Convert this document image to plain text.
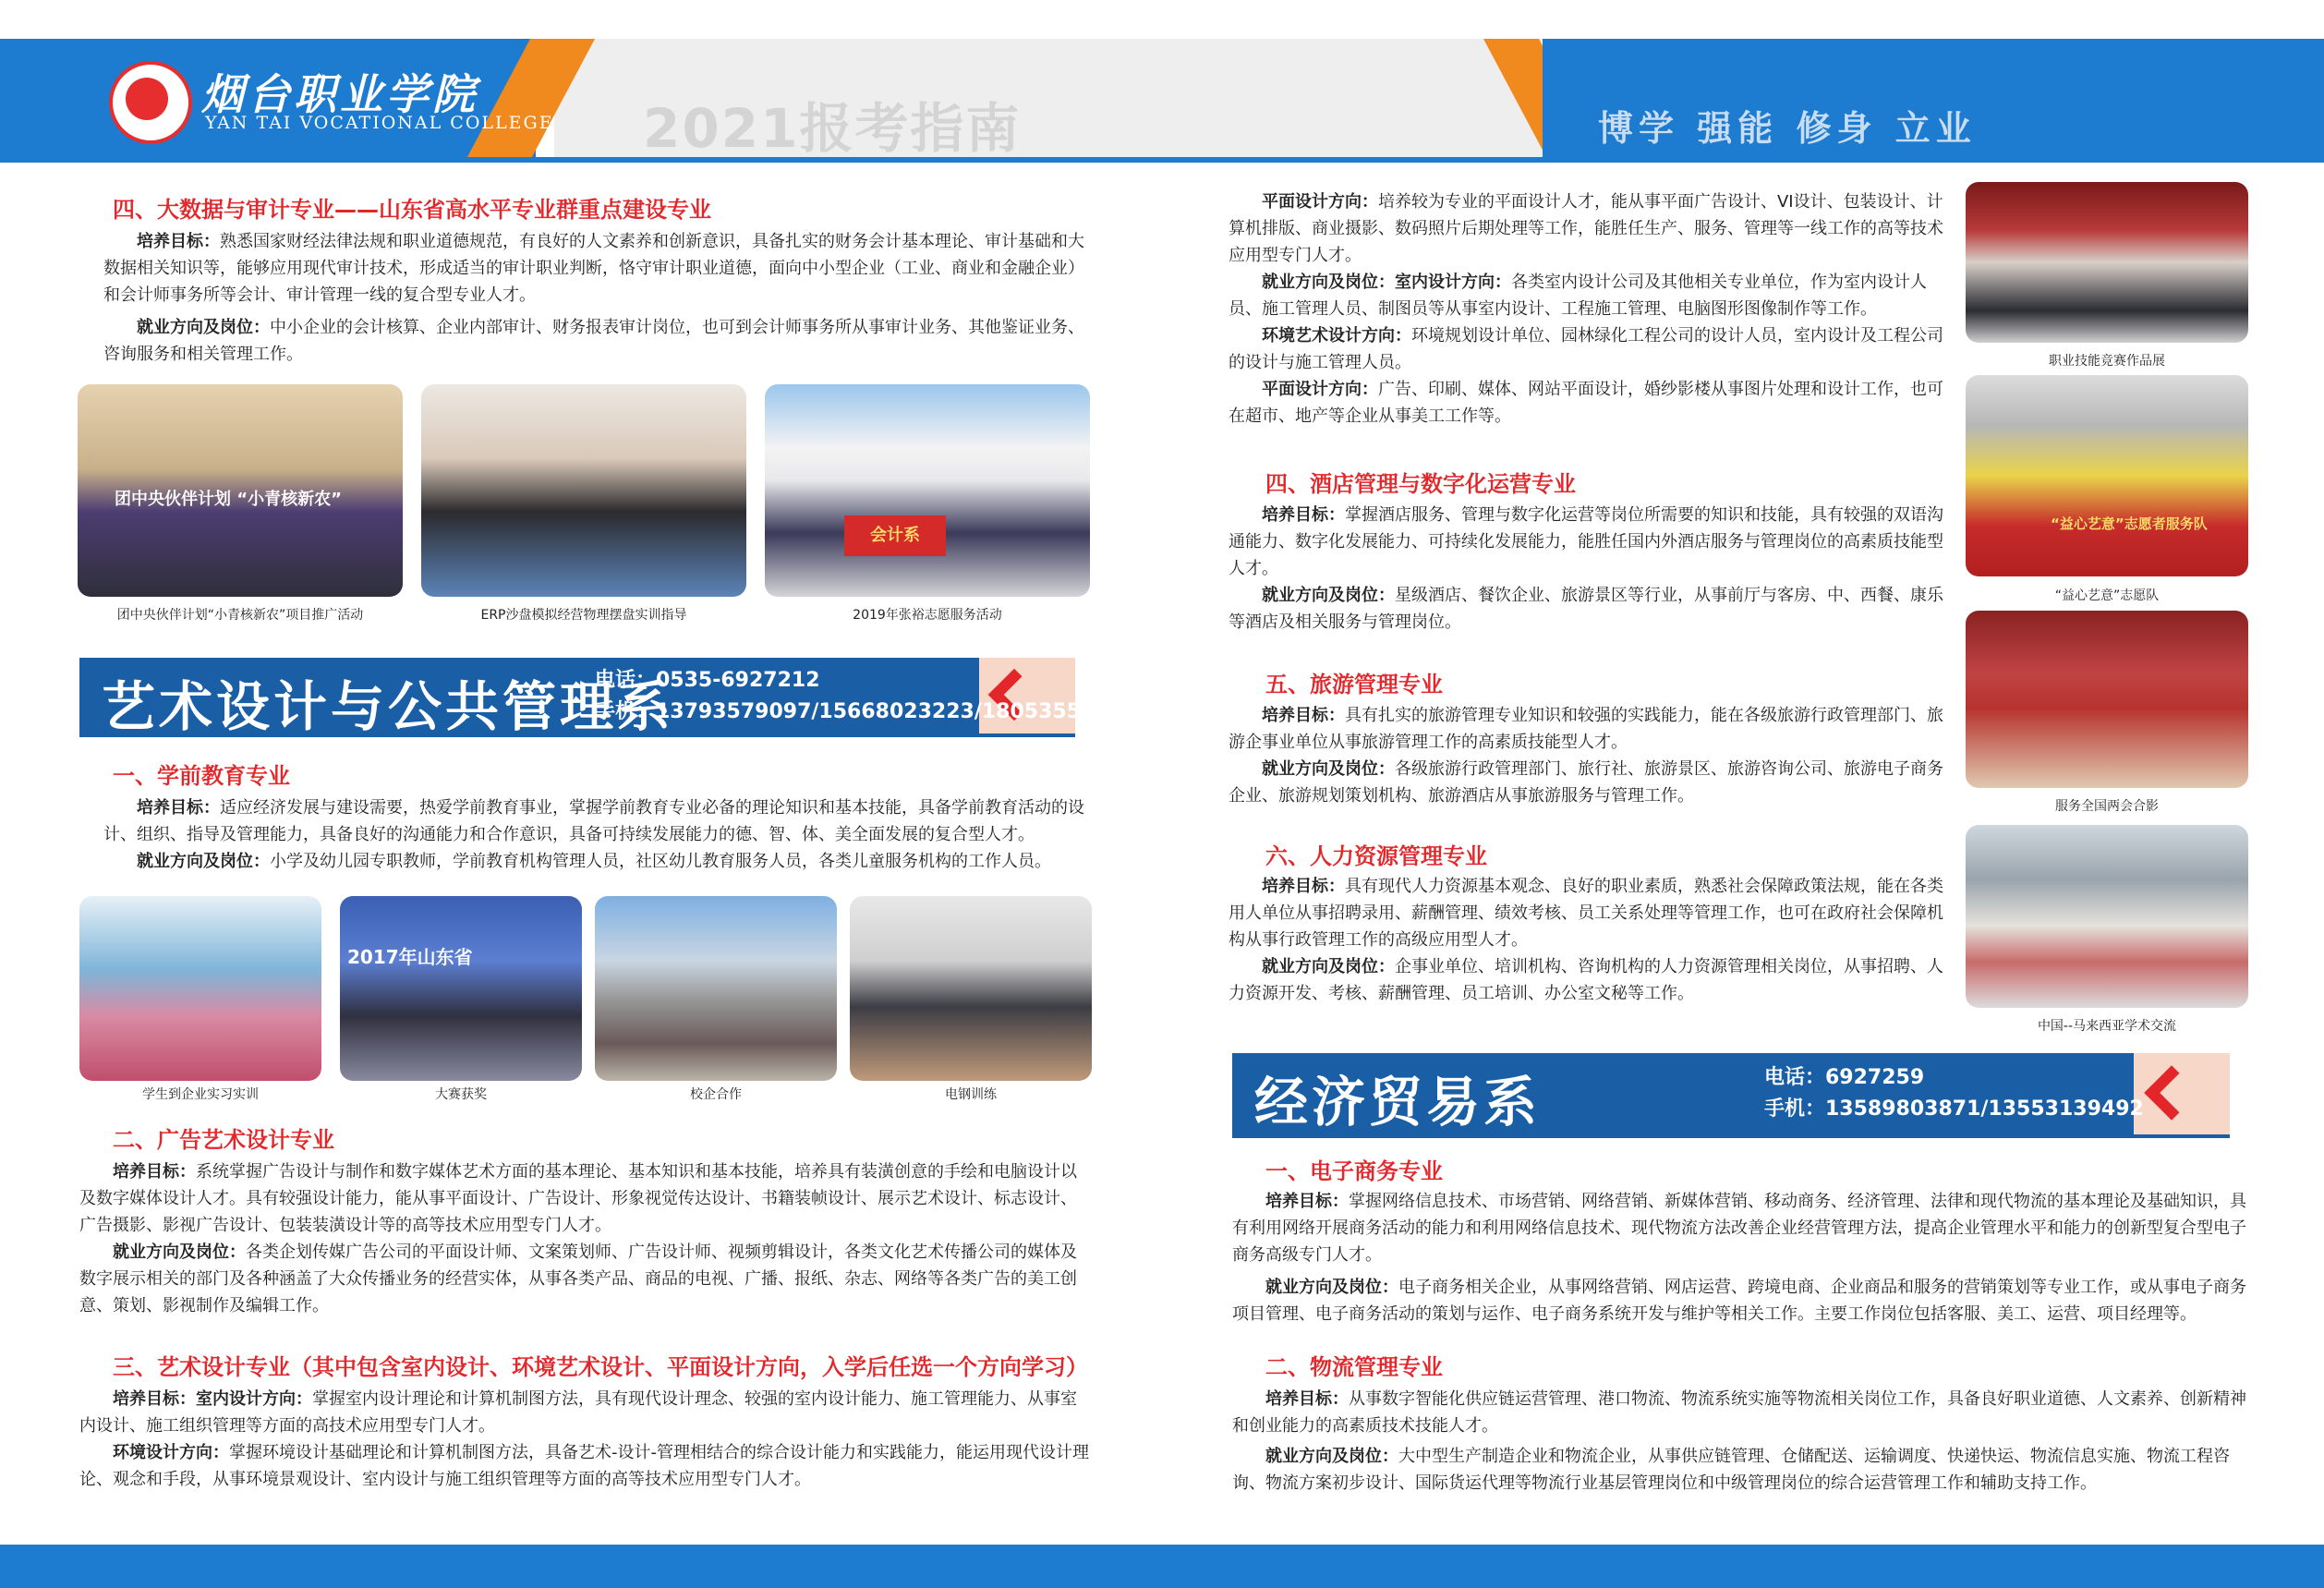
烟台职业学院
YAN TAI VOCATIONAL COLLEGE 2021报考指南	博学 强能 修身 立业
四、大数据与审计专业——山东省高水平专业群重点建设专业
培养目标：熟悉国家财经法律法规和职业道德规范，有良好的人文素养和创新意识，具备扎实的财务会计基本理论、审计基础和大数据相关知识等，能够应用现代审计技术，形成适当的审计职业判断，恪守审计职业道德，面向中小型企业（工业、商业和金融企业）和会计师事务所等会计、审计管理一线的复合型专业人才。
就业方向及岗位：中小企业的会计核算、企业内部审计、财务报表审计岗位，也可到会计师事务所从事审计业务、其他鉴证业务、咨询服务和相关管理工作。
团中央伙伴计划 “小青核新农”
团中央伙伴计划“小青核新农”项目推广活动	ERP沙盘模拟经营物理摆盘实训指导
会计系
2019年张裕志愿服务活动
艺术设计与公共管理系
电话：0535-6927212
手机：13793579097/15668023223/18053559767
一、学前教育专业
培养目标：适应经济发展与建设需要，热爱学前教育事业，掌握学前教育专业必备的理论知识和基本技能，具备学前教育活动的设计、组织、指导及管理能力，具备良好的沟通能力和合作意识，具备可持续发展能力的德、智、体、美全面发展的复合型人才。
就业方向及岗位：小学及幼儿园专职教师，学前教育机构管理人员，社区幼儿教育服务人员，各类儿童服务机构的工作人员。
学生到企业实习实训
2017年山东省
大赛获奖	校企合作	电钢训练
二、广告艺术设计专业
培养目标：系统掌握广告设计与制作和数字媒体艺术方面的基本理论、基本知识和基本技能，培养具有装潢创意的手绘和电脑设计以及数字媒体设计人才。具有较强设计能力，能从事平面设计、广告设计、形象视觉传达设计、书籍装帧设计、展示艺术设计、标志设计、广告摄影、影视广告设计、包装装潢设计等的高等技术应用型专门人才。
就业方向及岗位：各类企划传媒广告公司的平面设计师、文案策划师、广告设计师、视频剪辑设计，各类文化艺术传播公司的媒体及数字展示相关的部门及各种涵盖了大众传播业务的经营实体，从事各类产品、商品的电视、广播、报纸、杂志、网络等各类广告的美工创意、策划、影视制作及编辑工作。
三、艺术设计专业（其中包含室内设计、环境艺术设计、平面设计方向，入学后任选一个方向学习）
培养目标：室内设计方向：掌握室内设计理论和计算机制图方法，具有现代设计理念、较强的室内设计能力、施工管理能力、从事室内设计、施工组织管理等方面的高技术应用型专门人才。
环境设计方向：掌握环境设计基础理论和计算机制图方法，具备艺术-设计-管理相结合的综合设计能力和实践能力，能运用现代设计理论、观念和手段，从事环境景观设计、室内设计与施工组织管理等方面的高等技术应用型专门人才。
平面设计方向：培养较为专业的平面设计人才，能从事平面广告设计、VI设计、包装设计、计算机排版、商业摄影、数码照片后期处理等工作，能胜任生产、服务、管理等一线工作的高等技术应用型专门人才。
就业方向及岗位：室内设计方向：各类室内设计公司及其他相关专业单位，作为室内设计人员、施工管理人员、制图员等从事室内设计、工程施工管理、电脑图形图像制作等工作。
环境艺术设计方向：环境规划设计单位、园林绿化工程公司的设计人员，室内设计及工程公司的设计与施工管理人员。
平面设计方向：广告、印刷、媒体、网站平面设计，婚纱影楼从事图片处理和设计工作，也可在超市、地产等企业从事美工工作等。
四、酒店管理与数字化运营专业
培养目标：掌握酒店服务、管理与数字化运营等岗位所需要的知识和技能，具有较强的双语沟通能力、数字化发展能力、可持续化发展能力，能胜任国内外酒店服务与管理岗位的高素质技能型人才。
就业方向及岗位：星级酒店、餐饮企业、旅游景区等行业，从事前厅与客房、中、西餐、康乐等酒店及相关服务与管理岗位。
五、旅游管理专业
培养目标：具有扎实的旅游管理专业知识和较强的实践能力，能在各级旅游行政管理部门、旅游企事业单位从事旅游管理工作的高素质技能型人才。
就业方向及岗位：各级旅游行政管理部门、旅行社、旅游景区、旅游咨询公司、旅游电子商务企业、旅游规划策划机构、旅游酒店从事旅游服务与管理工作。
六、人力资源管理专业
培养目标：具有现代人力资源基本观念、良好的职业素质，熟悉社会保障政策法规，能在各类用人单位从事招聘录用、薪酬管理、绩效考核、员工关系处理等管理工作，也可在政府社会保障机构从事行政管理工作的高级应用型人才。
就业方向及岗位：企事业单位、培训机构、咨询机构的人力资源管理相关岗位，从事招聘、人力资源开发、考核、薪酬管理、员工培训、办公室文秘等工作。
职业技能竞赛作品展
“益心艺意”志愿者服务队
“益心艺意”志愿队
服务全国两会合影
中国--马来西亚学术交流
经济贸易系	电话：6927259
手机：13589803871/13553139492
一、电子商务专业
培养目标：掌握网络信息技术、市场营销、网络营销、新媒体营销、移动商务、经济管理、法律和现代物流的基本理论及基础知识，具有利用网络开展商务活动的能力和利用网络信息技术、现代物流方法改善企业经营管理方法，提高企业管理水平和能力的创新型复合型电子商务高级专门人才。
就业方向及岗位：电子商务相关企业，从事网络营销、网店运营、跨境电商、企业商品和服务的营销策划等专业工作，或从事电子商务项目管理、电子商务活动的策划与运作、电子商务系统开发与维护等相关工作。主要工作岗位包括客服、美工、运营、项目经理等。
二、物流管理专业
培养目标：从事数字智能化供应链运营管理、港口物流、物流系统实施等物流相关岗位工作，具备良好职业道德、人文素养、创新精神和创业能力的高素质技术技能人才。
就业方向及岗位：大中型生产制造企业和物流企业，从事供应链管理、仓储配送、运输调度、快递快运、物流信息实施、物流工程咨询、物流方案初步设计、国际货运代理等物流行业基层管理岗位和中级管理岗位的综合运营管理工作和辅助支持工作。
